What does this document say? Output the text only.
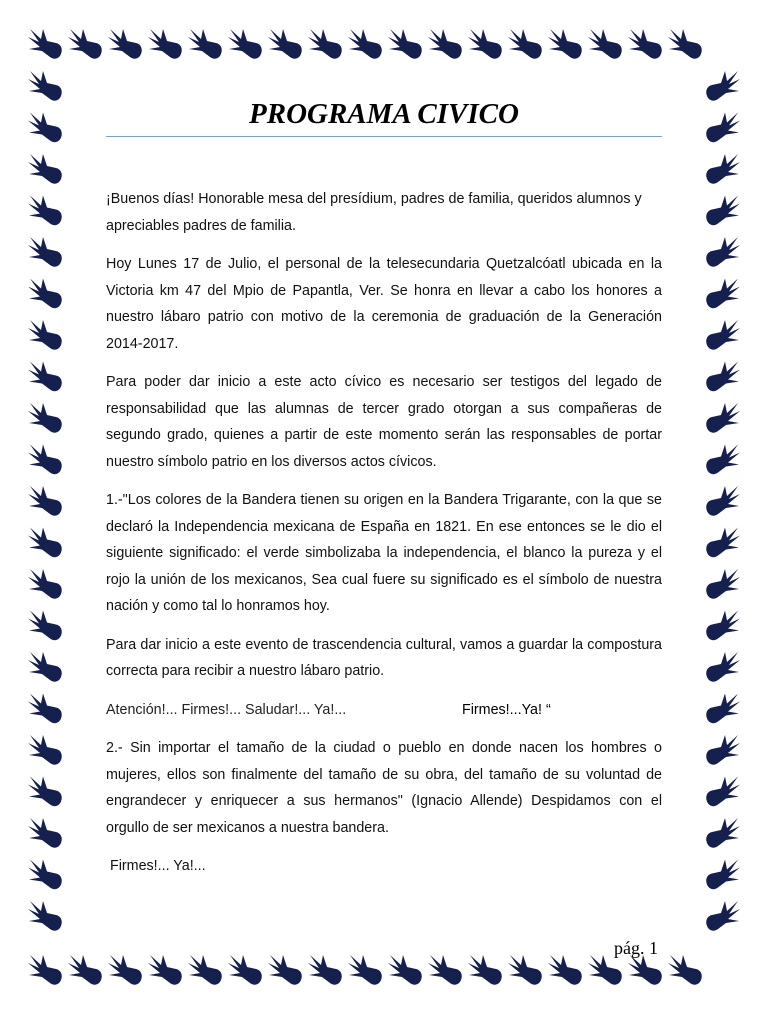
PROGRAMA CIVICO

¡Buenos días! Honorable mesa del presídium, padres de familia, queridos alumnos y apreciables padres de familia.

Hoy Lunes 17 de Julio, el personal de la telesecundaria Quetzalcóatl ubicada en la Victoria km 47 del Mpio de Papantla, Ver. Se honra en llevar a cabo los honores a nuestro lábaro patrio con motivo de la ceremonia de graduación de la Generación 2014-2017.

Para poder dar inicio a este acto cívico es necesario ser testigos del legado de responsabilidad que las alumnas de tercer grado otorgan a sus compañeras de segundo grado, quienes a partir de este momento serán las responsables de portar nuestro símbolo patrio en los diversos actos cívicos.

1.-"Los colores de la Bandera tienen su origen en la Bandera Trigarante, con la que se declaró la Independencia mexicana de España en 1821. En ese entonces se le dio el siguiente significado: el verde simbolizaba la independencia, el blanco la pureza y el rojo la unión de los mexicanos, Sea cual fuere su significado es el símbolo de nuestra nación y como tal lo honramos hoy.

Para dar inicio a este evento de trascendencia cultural, vamos a guardar la compostura correcta para recibir a nuestro lábaro patrio.

Atención!... Firmes!... Saludar!... Ya!...	Firmes!...Ya! “

2.- Sin importar el tamaño de la ciudad o pueblo en donde nacen los hombres o mujeres, ellos son finalmente del tamaño de su obra, del tamaño de su voluntad de engrandecer y enriquecer a sus hermanos" (Ignacio Allende) Despidamos con el orgullo de ser mexicanos a nuestra bandera.

Firmes!... Ya!...

pág. 1
